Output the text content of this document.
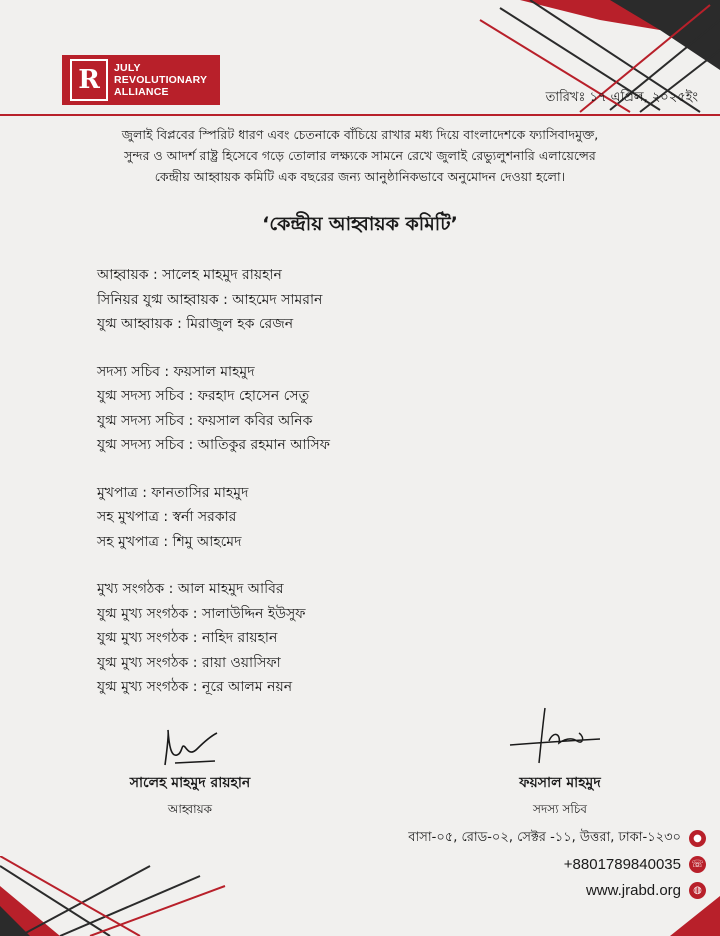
R	JULY
REVOLUTIONARY
ALLIANCE	তারিখঃ ১৭ এপ্রিল, ২০২৫ইং
জুলাই বিপ্লবের স্পিরিট ধারণ এবং চেতনাকে বাঁচিয়ে রাখার মধ্য দিয়ে বাংলাদেশকে ফ্যাসিবাদমুক্ত,
সুন্দর ও আদর্শ রাষ্ট্র হিসেবে গড়ে তোলার লক্ষ্যকে সামনে রেখে জুলাই রেভ্যুলুশনারি এলায়েন্সের
কেন্দ্রীয় আহ্বায়ক কমিটি এক বছরের জন্য আনুষ্ঠানিকভাবে অনুমোদন দেওয়া হলো।
‘কেন্দ্রীয় আহ্বায়ক কমিটি’
আহ্বায়ক : সালেহ মাহমুদ রায়হান
সিনিয়র যুগ্ম আহ্বায়ক : আহমেদ সামরান
যুগ্ম আহ্বায়ক : মিরাজুল হক রেজন
সদস্য সচিব : ফয়সাল মাহমুদ
যুগ্ম সদস্য সচিব : ফরহাদ হোসেন সেতু
যুগ্ম সদস্য সচিব : ফয়সাল কবির অনিক
যুগ্ম সদস্য সচিব : আতিকুর রহমান আসিফ
মুখপাত্র : ফানতাসির মাহমুদ
সহ মুখপাত্র : স্বর্না সরকার
সহ মুখপাত্র : শিমু আহমেদ
মুখ্য সংগঠক : আল মাহমুদ আবির
যুগ্ম মুখ্য সংগঠক : সালাউদ্দিন ইউসুফ
যুগ্ম মুখ্য সংগঠক : নাহিদ রায়হান
যুগ্ম মুখ্য সংগঠক : রায়া ওয়াসিফা
যুগ্ম মুখ্য সংগঠক : নূরে আলম নয়ন
সালেহ মাহমুদ রায়হান
আহ্বায়ক
ফয়সাল মাহমুদ
সদস্য সচিব
বাসা-০৫, রোড-০২, সেক্টর -১১, উত্তরা, ঢাকা-১২৩০	●
+8801789840035 ☏
www.jrabd.org	◍
